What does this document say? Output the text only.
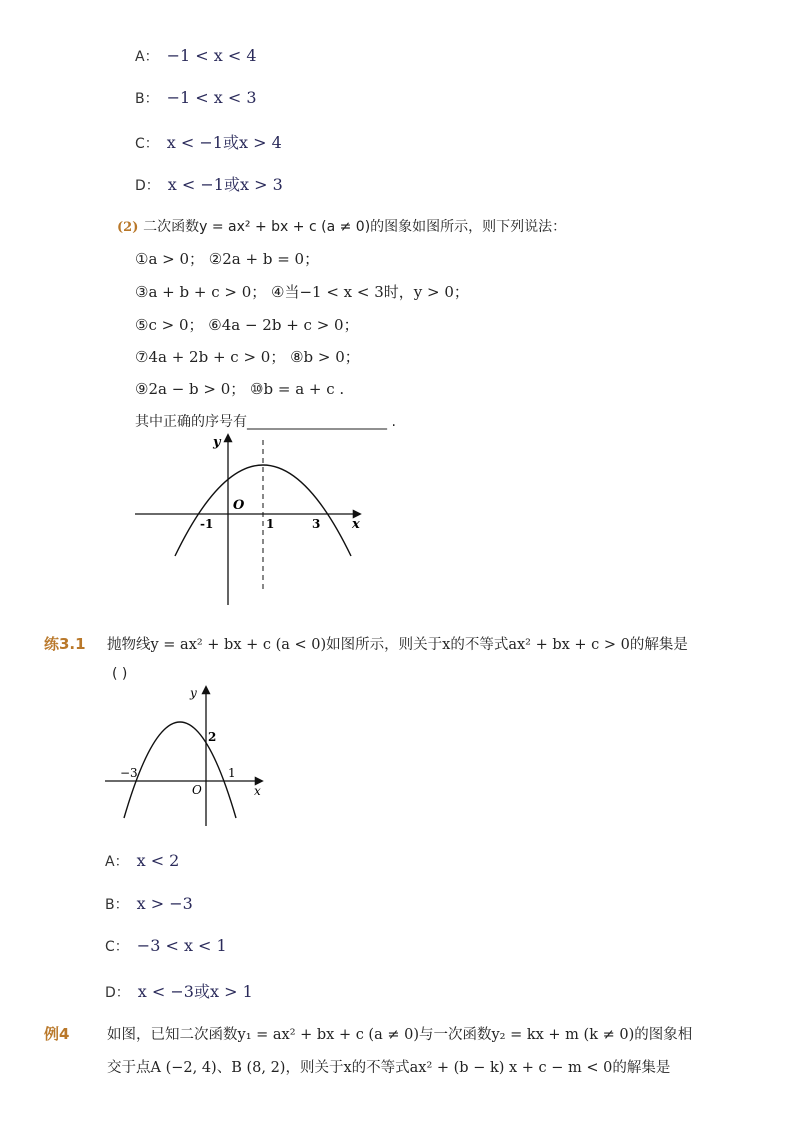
A： −1 < x < 4
B： −1 < x < 3
C： x < −1或x > 4
D： x < −1或x > 3
(2) 二次函数y = ax² + bx + c (a ≠ 0)的图象如图所示，则下列说法：
①a > 0； ②2a + b = 0；
③a + b + c > 0； ④当−1 < x < 3时，y > 0；
⑤c > 0； ⑥4a − 2b + c > 0；
⑦4a + 2b + c > 0； ⑧b > 0；
⑨2a − b > 0； ⑩b = a + c .
其中正确的序号有____________________ .
y
x
O
-1	1	3
练3.1 抛物线y = ax² + bx + c (a < 0)如图所示，则关于x的不等式ax² + bx + c > 0的解集是
( )
y
x
O
−3	1
2
A： x < 2
B： x > −3
C： −3 < x < 1
D： x < −3或x > 1
例4	如图，已知二次函数y₁ = ax² + bx + c (a ≠ 0)与一次函数y₂ = kx + m (k ≠ 0)的图象相
交于点A (−2, 4)、B (8, 2)，则关于x的不等式ax² + (b − k) x + c − m < 0的解集是
